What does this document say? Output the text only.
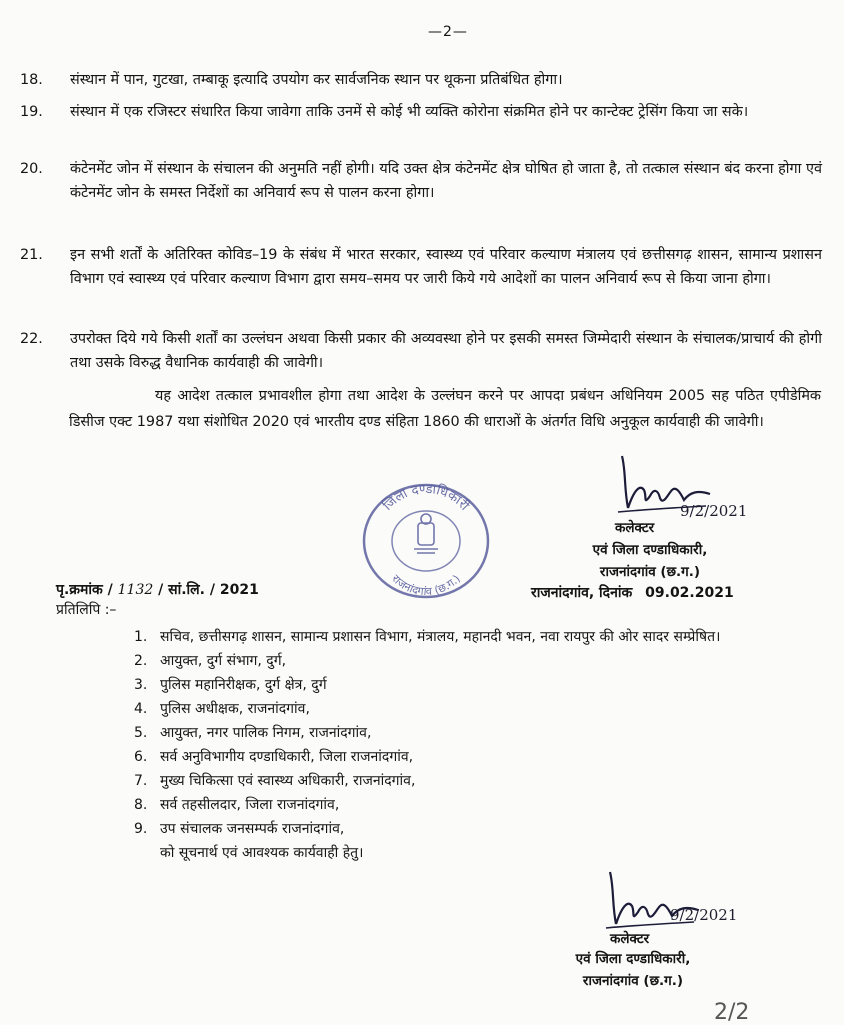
—2—
18. संस्थान में पान, गुटखा, तम्बाकू इत्यादि उपयोग कर सार्वजनिक स्थान पर थूकना प्रतिबंधित होगा।
19. संस्थान में एक रजिस्टर संधारित किया जावेगा ताकि उनमें से कोई भी व्यक्ति कोरोना संक्रमित होने पर कान्टेक्ट ट्रेसिंग किया जा सके।
20. कंटेनमेंट जोन में संस्थान के संचालन की अनुमति नहीं होगी। यदि उक्त क्षेत्र कंटेनमेंट क्षेत्र घोषित हो जाता है, तो तत्काल संस्थान बंद करना होगा एवं कंटेनमेंट जोन के समस्त निर्देशों का अनिवार्य रूप से पालन करना होगा।
21. इन सभी शर्तों के अतिरिक्त कोविड–19 के संबंध में भारत सरकार, स्वास्थ्य एवं परिवार कल्याण मंत्रालय एवं छत्तीसगढ़ शासन, सामान्य प्रशासन विभाग एवं स्वास्थ्य एवं परिवार कल्याण विभाग द्वारा समय–समय पर जारी किये गये आदेशों का पालन अनिवार्य रूप से किया जाना होगा।
22. उपरोक्त दिये गये किसी शर्तों का उल्लंघन अथवा किसी प्रकार की अव्यवस्था होने पर इसकी समस्त जिम्मेदारी संस्थान के संचालक/प्राचार्य की होगी तथा उसके विरुद्ध वैधानिक कार्यवाही की जावेगी।
यह आदेश तत्काल प्रभावशील होगा तथा आदेश के उल्लंघन करने पर आपदा प्रबंधन अधिनियम 2005 सह पठित एपीडेमिक डिसीज एक्ट 1987 यथा संशोधित 2020 एवं भारतीय दण्ड संहिता 1860 की धाराओं के अंतर्गत विधि अनुकूल कार्यवाही की जावेगी।
9/2/2021
कलेक्टर
एवं जिला दण्डाधिकारी,
राजनांदगांव (छ.ग.)
जिला दण्डाधिकारी
राजनांदगांव (छ.ग.)
पृ.क्रमांक / 1132 / सां.लि. / 2021	राजनांदगांव, दिनांक 09.02.2021
प्रतिलिपि :–
1. सचिव, छत्तीसगढ़ शासन, सामान्य प्रशासन विभाग, मंत्रालय, महानदी भवन, नवा रायपुर की ओर सादर सम्प्रेषित।
2. आयुक्त, दुर्ग संभाग, दुर्ग,
3. पुलिस महानिरीक्षक, दुर्ग क्षेत्र, दुर्ग
4. पुलिस अधीक्षक, राजनांदगांव,
5. आयुक्त, नगर पालिक निगम, राजनांदगांव,
6. सर्व अनुविभागीय दण्डाधिकारी, जिला राजनांदगांव,
7. मुख्य चिकित्सा एवं स्वास्थ्य अधिकारी, राजनांदगांव,
8. सर्व तहसीलदार, जिला राजनांदगांव,
9. उप संचालक जनसम्पर्क राजनांदगांव,
को सूचनार्थ एवं आवश्यक कार्यवाही हेतु।
9/2/2021
कलेक्टर
एवं जिला दण्डाधिकारी,
राजनांदगांव (छ.ग.)
2/2
